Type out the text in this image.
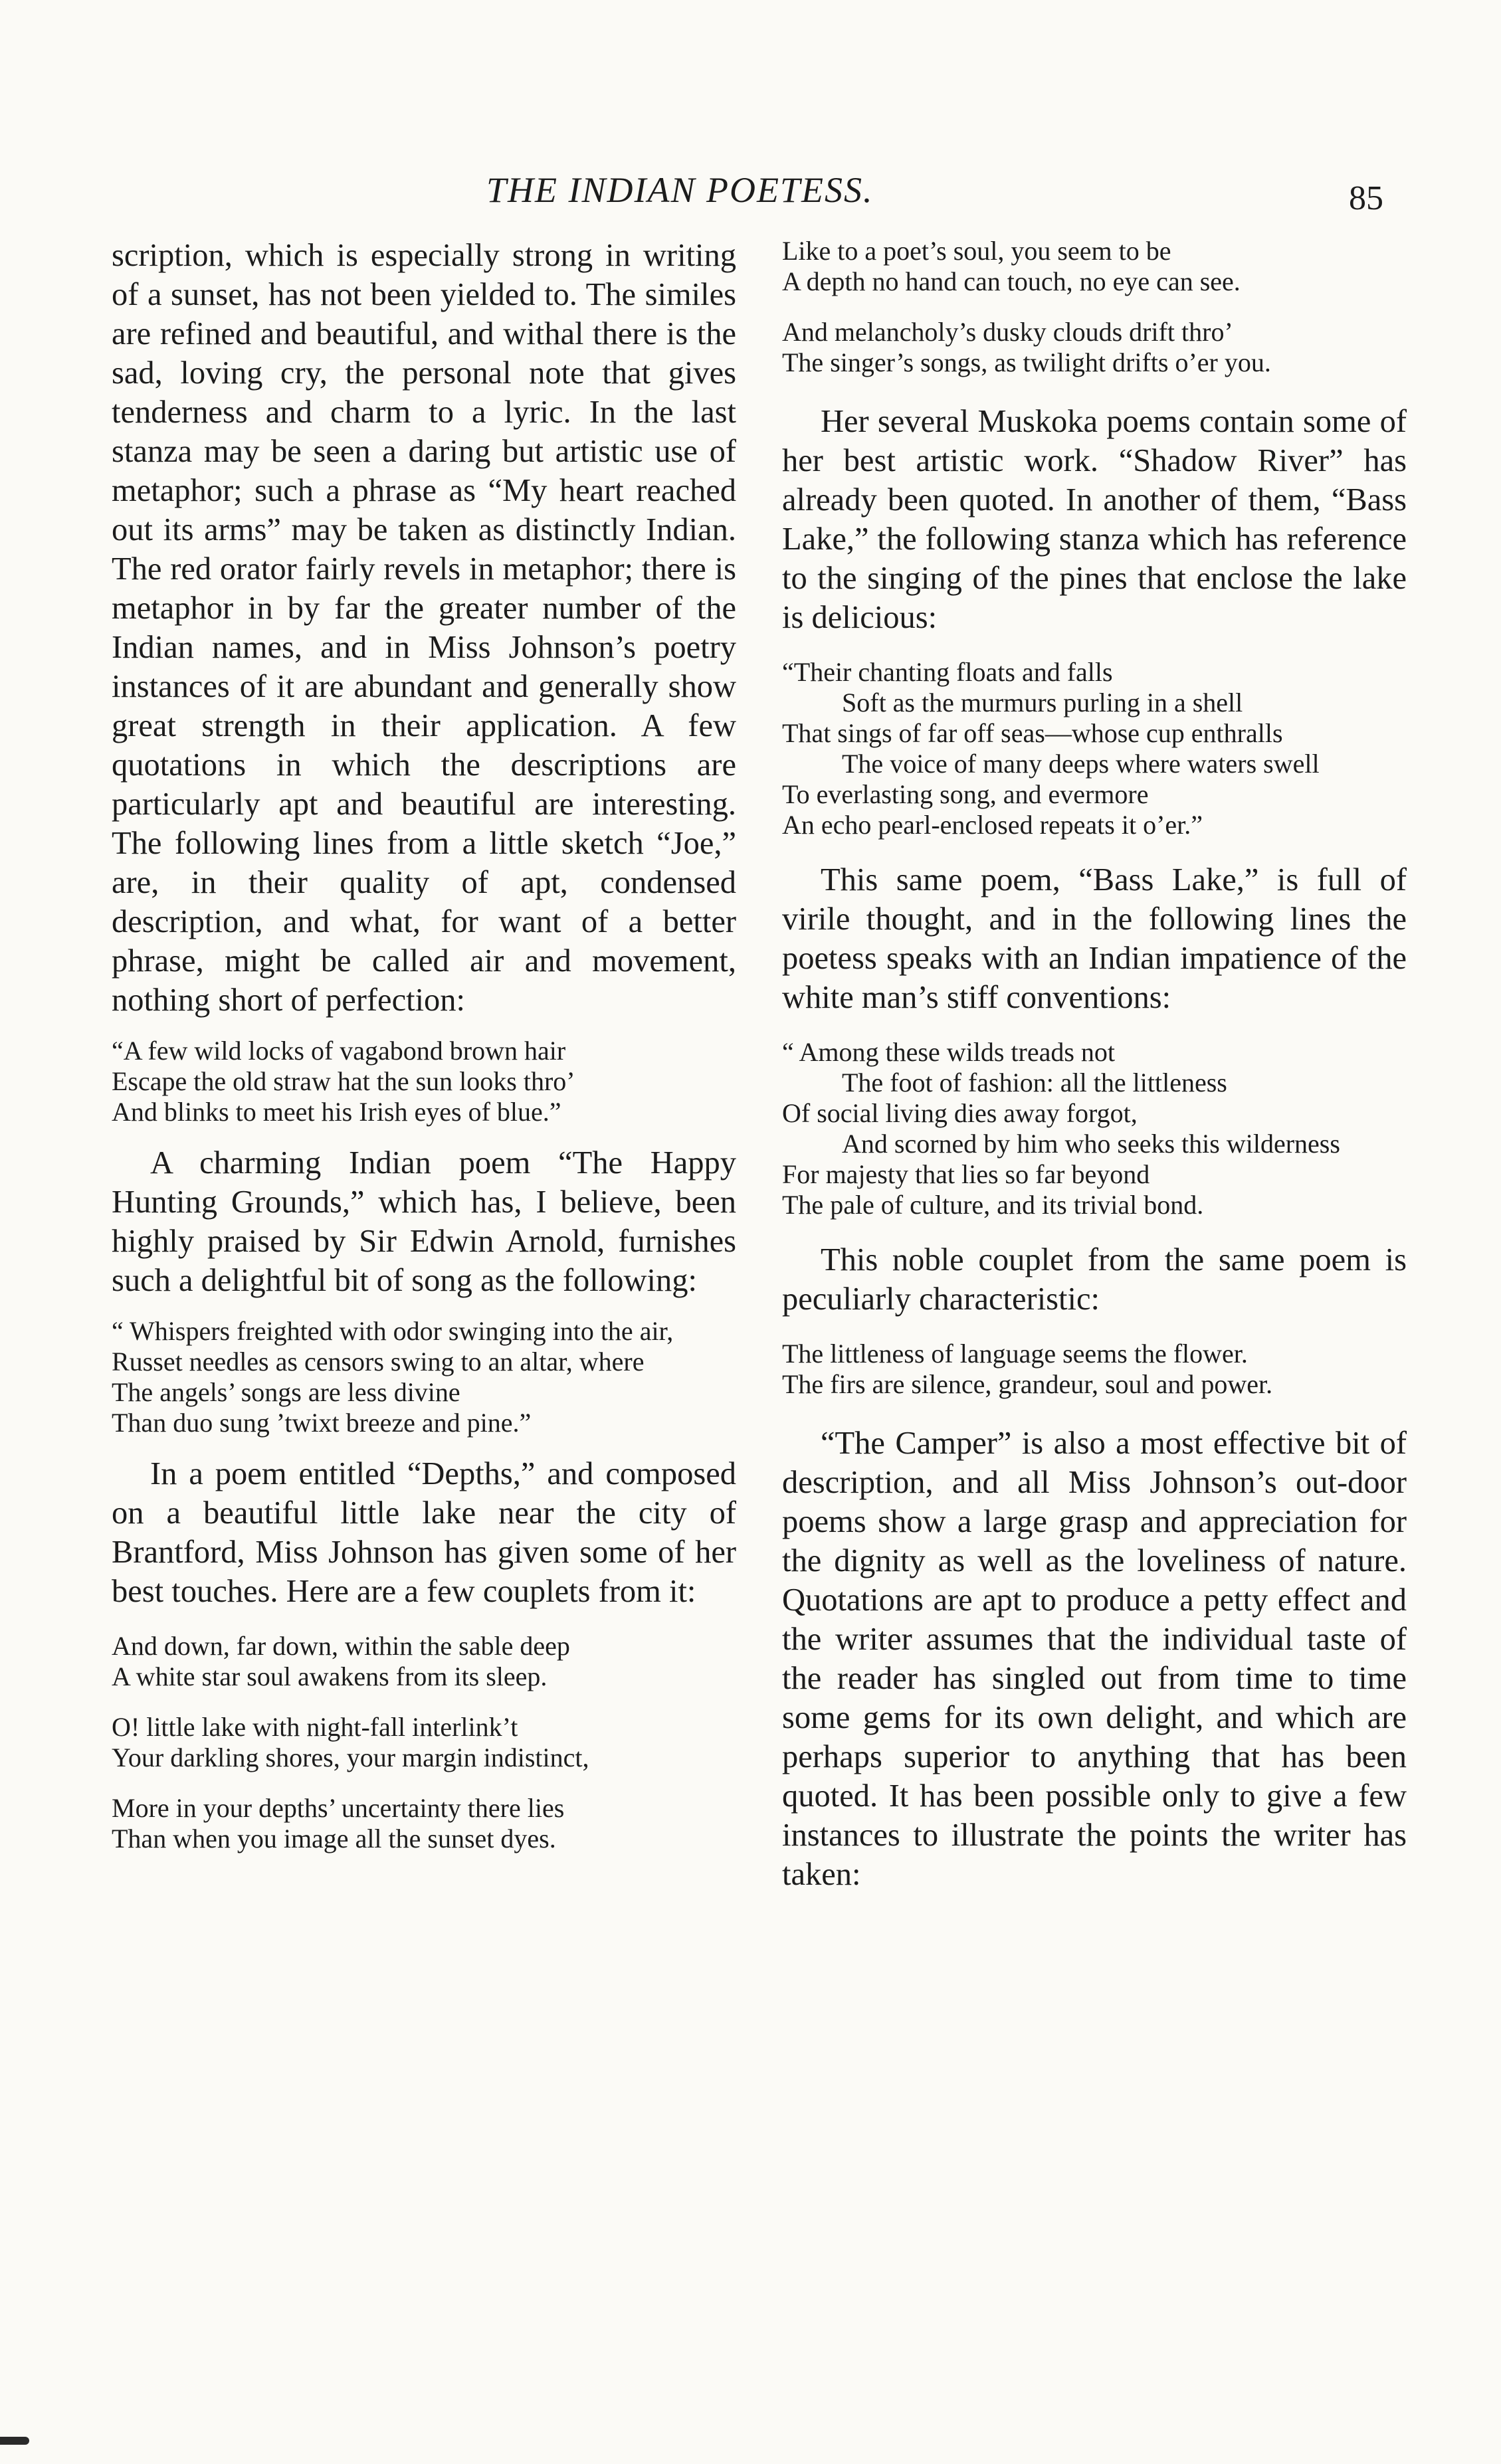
THE INDIAN POETESS.	85

scription, which is especially strong in writing of a sunset, has not been yielded to. The similes are refined and beautiful, and withal there is the sad, loving cry, the personal note that gives tenderness and charm to a lyric. In the last stanza may be seen a daring but artistic use of metaphor; such a phrase as “My heart reached out its arms” may be taken as distinctly Indian. The red orator fairly revels in metaphor; there is metaphor in by far the greater number of the Indian names, and in Miss Johnson’s poetry instances of it are abundant and generally show great strength in their application. A few quotations in which the descriptions are particularly apt and beautiful are interesting. The following lines from a little sketch “Joe,” are, in their quality of apt, condensed description, and what, for want of a better phrase, might be called air and movement, nothing short of perfection:

“A few wild locks of vagabond brown hair

Escape the old straw hat the sun looks thro’

And blinks to meet his Irish eyes of blue.”

A charming Indian poem “The Happy Hunting Grounds,” which has, I believe, been highly praised by Sir Edwin Arnold, furnishes such a delightful bit of song as the following:

“ Whispers freighted with odor swinging into the air,

Russet needles as censors swing to an altar, where

The angels’ songs are less divine

Than duo sung ’twixt breeze and pine.”

In a poem entitled “Depths,” and composed on a beautiful little lake near the city of Brantford, Miss Johnson has given some of her best touches. Here are a few couplets from it:

And down, far down, within the sable deep

A white star soul awakens from its sleep.

O! little lake with night-fall interlink’t

Your darkling shores, your margin indistinct,

More in your depths’ uncertainty there lies

Than when you image all the sunset dyes.

Like to a poet’s soul, you seem to be

A depth no hand can touch, no eye can see.

And melancholy’s dusky clouds drift thro’

The singer’s songs, as twilight drifts o’er you.

Her several Muskoka poems contain some of her best artistic work. “Shadow River” has already been quoted. In another of them, “Bass Lake,” the following stanza which has reference to the singing of the pines that enclose the lake is delicious:

“Their chanting floats and falls

Soft as the murmurs purling in a shell

That sings of far off seas—whose cup enthralls

The voice of many deeps where waters swell

To everlasting song, and evermore

An echo pearl-enclosed repeats it o’er.”

This same poem, “Bass Lake,” is full of virile thought, and in the following lines the poetess speaks with an Indian impatience of the white man’s stiff conventions:

“ Among these wilds treads not

The foot of fashion: all the littleness

Of social living dies away forgot,

And scorned by him who seeks this wilderness

For majesty that lies so far beyond

The pale of culture, and its trivial bond.

This noble couplet from the same poem is peculiarly characteristic:

The littleness of language seems the flower.

The firs are silence, grandeur, soul and power.

“The Camper” is also a most effective bit of description, and all Miss Johnson’s out-door poems show a large grasp and appreciation for the dignity as well as the loveliness of nature. Quotations are apt to produce a petty effect and the writer assumes that the individual taste of the reader has singled out from time to time some gems for its own delight, and which are perhaps superior to anything that has been quoted. It has been possible only to give a few instances to illustrate the points the writer has taken:
